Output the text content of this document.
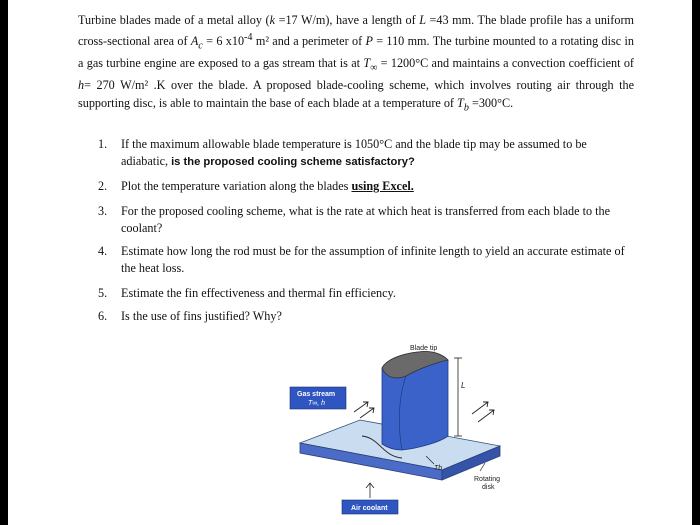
Turbine blades made of a metal alloy (k =17 W/m), have a length of L =43 mm. The blade profile has a uniform cross-sectional area of $A_c = 6$ $x10^{-4}$ m² and a perimeter of P = 110 mm. The turbine mounted to a rotating disc in a gas turbine engine are exposed to a gas stream that is at $T_\infty = 1200^\circ C$ and maintains a convection coefficient of h= 270 W/m² .K over the blade. A proposed blade-cooling scheme, which involves routing air through the supporting disc, is able to maintain the base of each blade at a temperature of $T_b =300^\circ C$.
1. If the maximum allowable blade temperature is 1050°C and the blade tip may be assumed to be adiabatic, is the proposed cooling scheme satisfactory?
2. Plot the temperature variation along the blades using Excel.
3. For the proposed cooling scheme, what is the rate at which heat is transferred from each blade to the coolant?
4. Estimate how long the rod must be for the assumption of infinite length to yield an accurate estimate of the heat loss.
5. Estimate the fin effectiveness and thermal fin efficiency.
6. Is the use of fins justified? Why?
L
Tb
Blade tip
Gas stream
T∞, h
Rotating
disk
Air coolant
